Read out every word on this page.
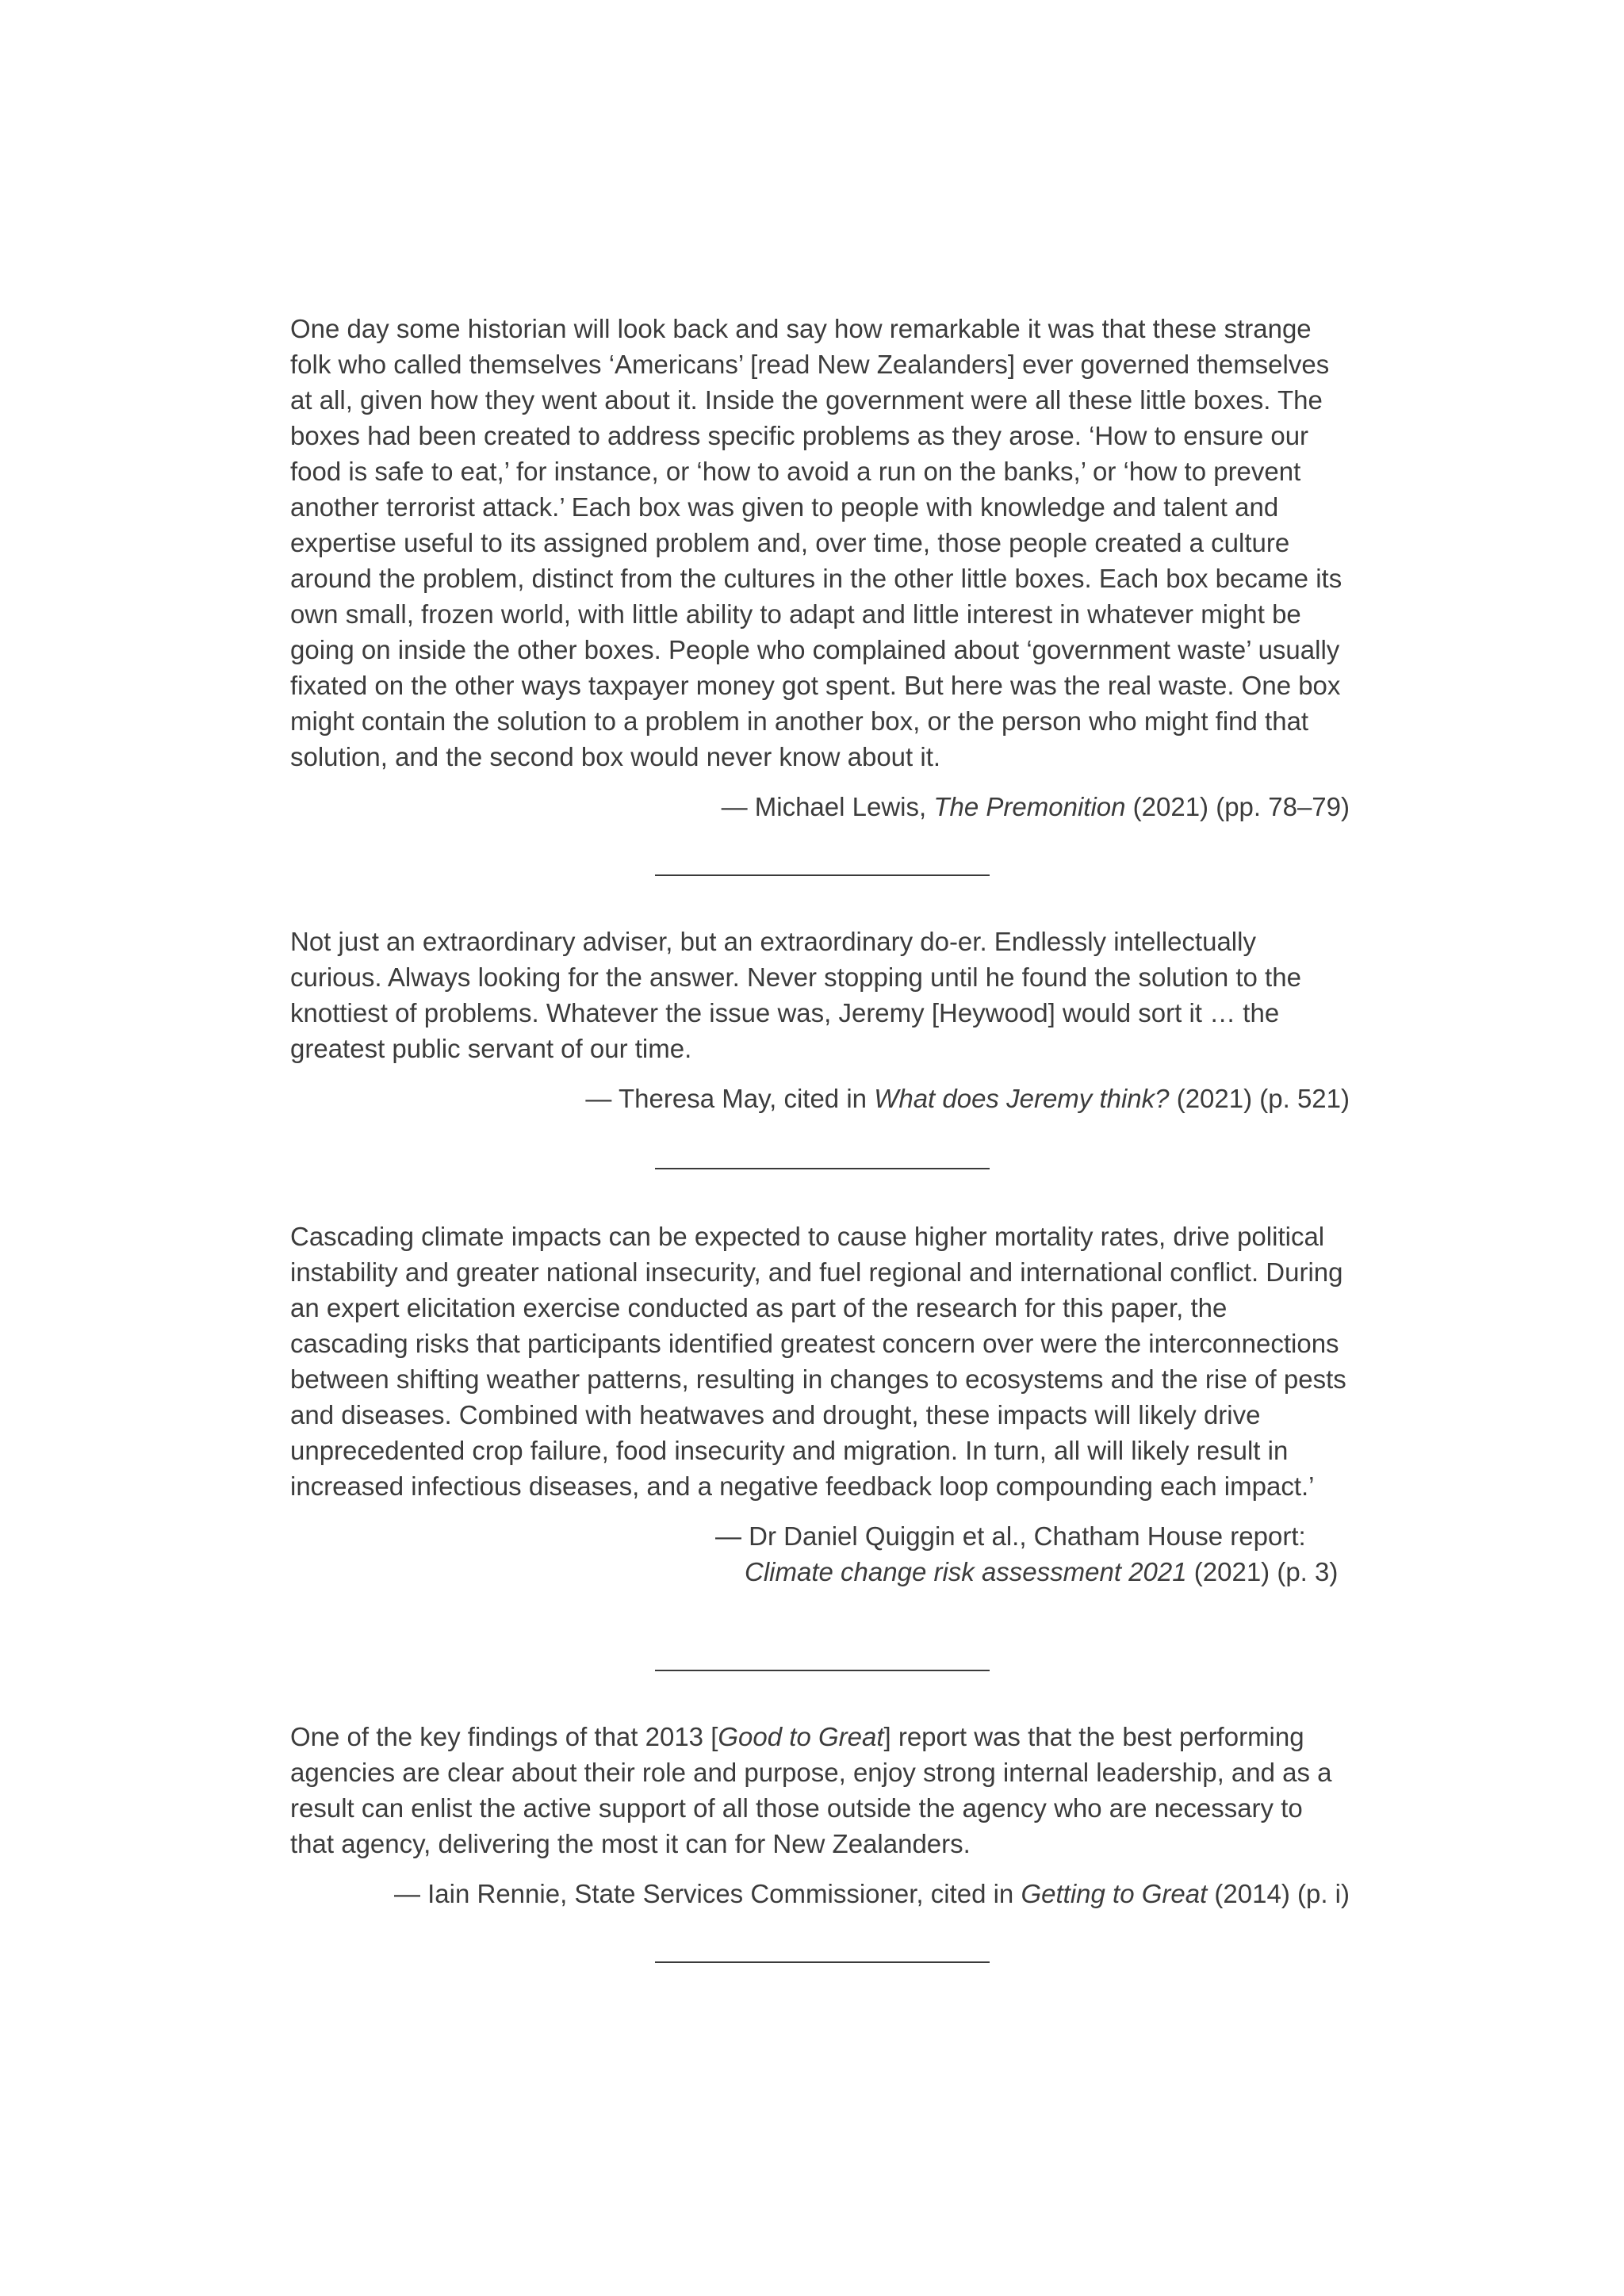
One day some historian will look back and say how remarkable it was that these strange folk who called themselves ‘Americans’ [read New Zealanders] ever governed themselves at all, given how they went about it. Inside the government were all these little boxes. The boxes had been created to address specific problems as they arose. ‘How to ensure our food is safe to eat,’ for instance, or ‘how to avoid a run on the banks,’ or ‘how to prevent another terrorist attack.’ Each box was given to people with knowledge and talent and expertise useful to its assigned problem and, over time, those people created a culture around the problem, distinct from the cultures in the other little boxes. Each box became its own small, frozen world, with little ability to adapt and little interest in whatever might be going on inside the other boxes. People who complained about ‘government waste’ usually fixated on the other ways taxpayer money got spent. But here was the real waste. One box might contain the solution to a problem in another box, or the person who might find that solution, and the second box would never know about it.

— Michael Lewis, The Premonition (2021) (pp. 78–79)

Not just an extraordinary adviser, but an extraordinary do-er. Endlessly intellectually curious. Always looking for the answer. Never stopping until he found the solution to the knottiest of problems. Whatever the issue was, Jeremy [Heywood] would sort it … the greatest public servant of our time.

— Theresa May, cited in What does Jeremy think? (2021) (p. 521)

Cascading climate impacts can be expected to cause higher mortality rates, drive political instability and greater national insecurity, and fuel regional and international conflict. During an expert elicitation exercise conducted as part of the research for this paper, the cascading risks that participants identified greatest concern over were the interconnections between shifting weather patterns, resulting in changes to ecosystems and the rise of pests and diseases. Combined with heatwaves and drought, these impacts will likely drive unprecedented crop failure, food insecurity and migration. In turn, all will likely result in increased infectious diseases, and a negative feedback loop compounding each impact.’

— Dr Daniel Quiggin et al., Chatham House report:
Climate change risk assessment 2021 (2021) (p. 3)

One of the key findings of that 2013 [Good to Great] report was that the best performing agencies are clear about their role and purpose, enjoy strong internal leadership, and as a result can enlist the active support of all those outside the agency who are necessary to that agency, delivering the most it can for New Zealanders.

— Iain Rennie, State Services Commissioner, cited in Getting to Great (2014) (p. i)
